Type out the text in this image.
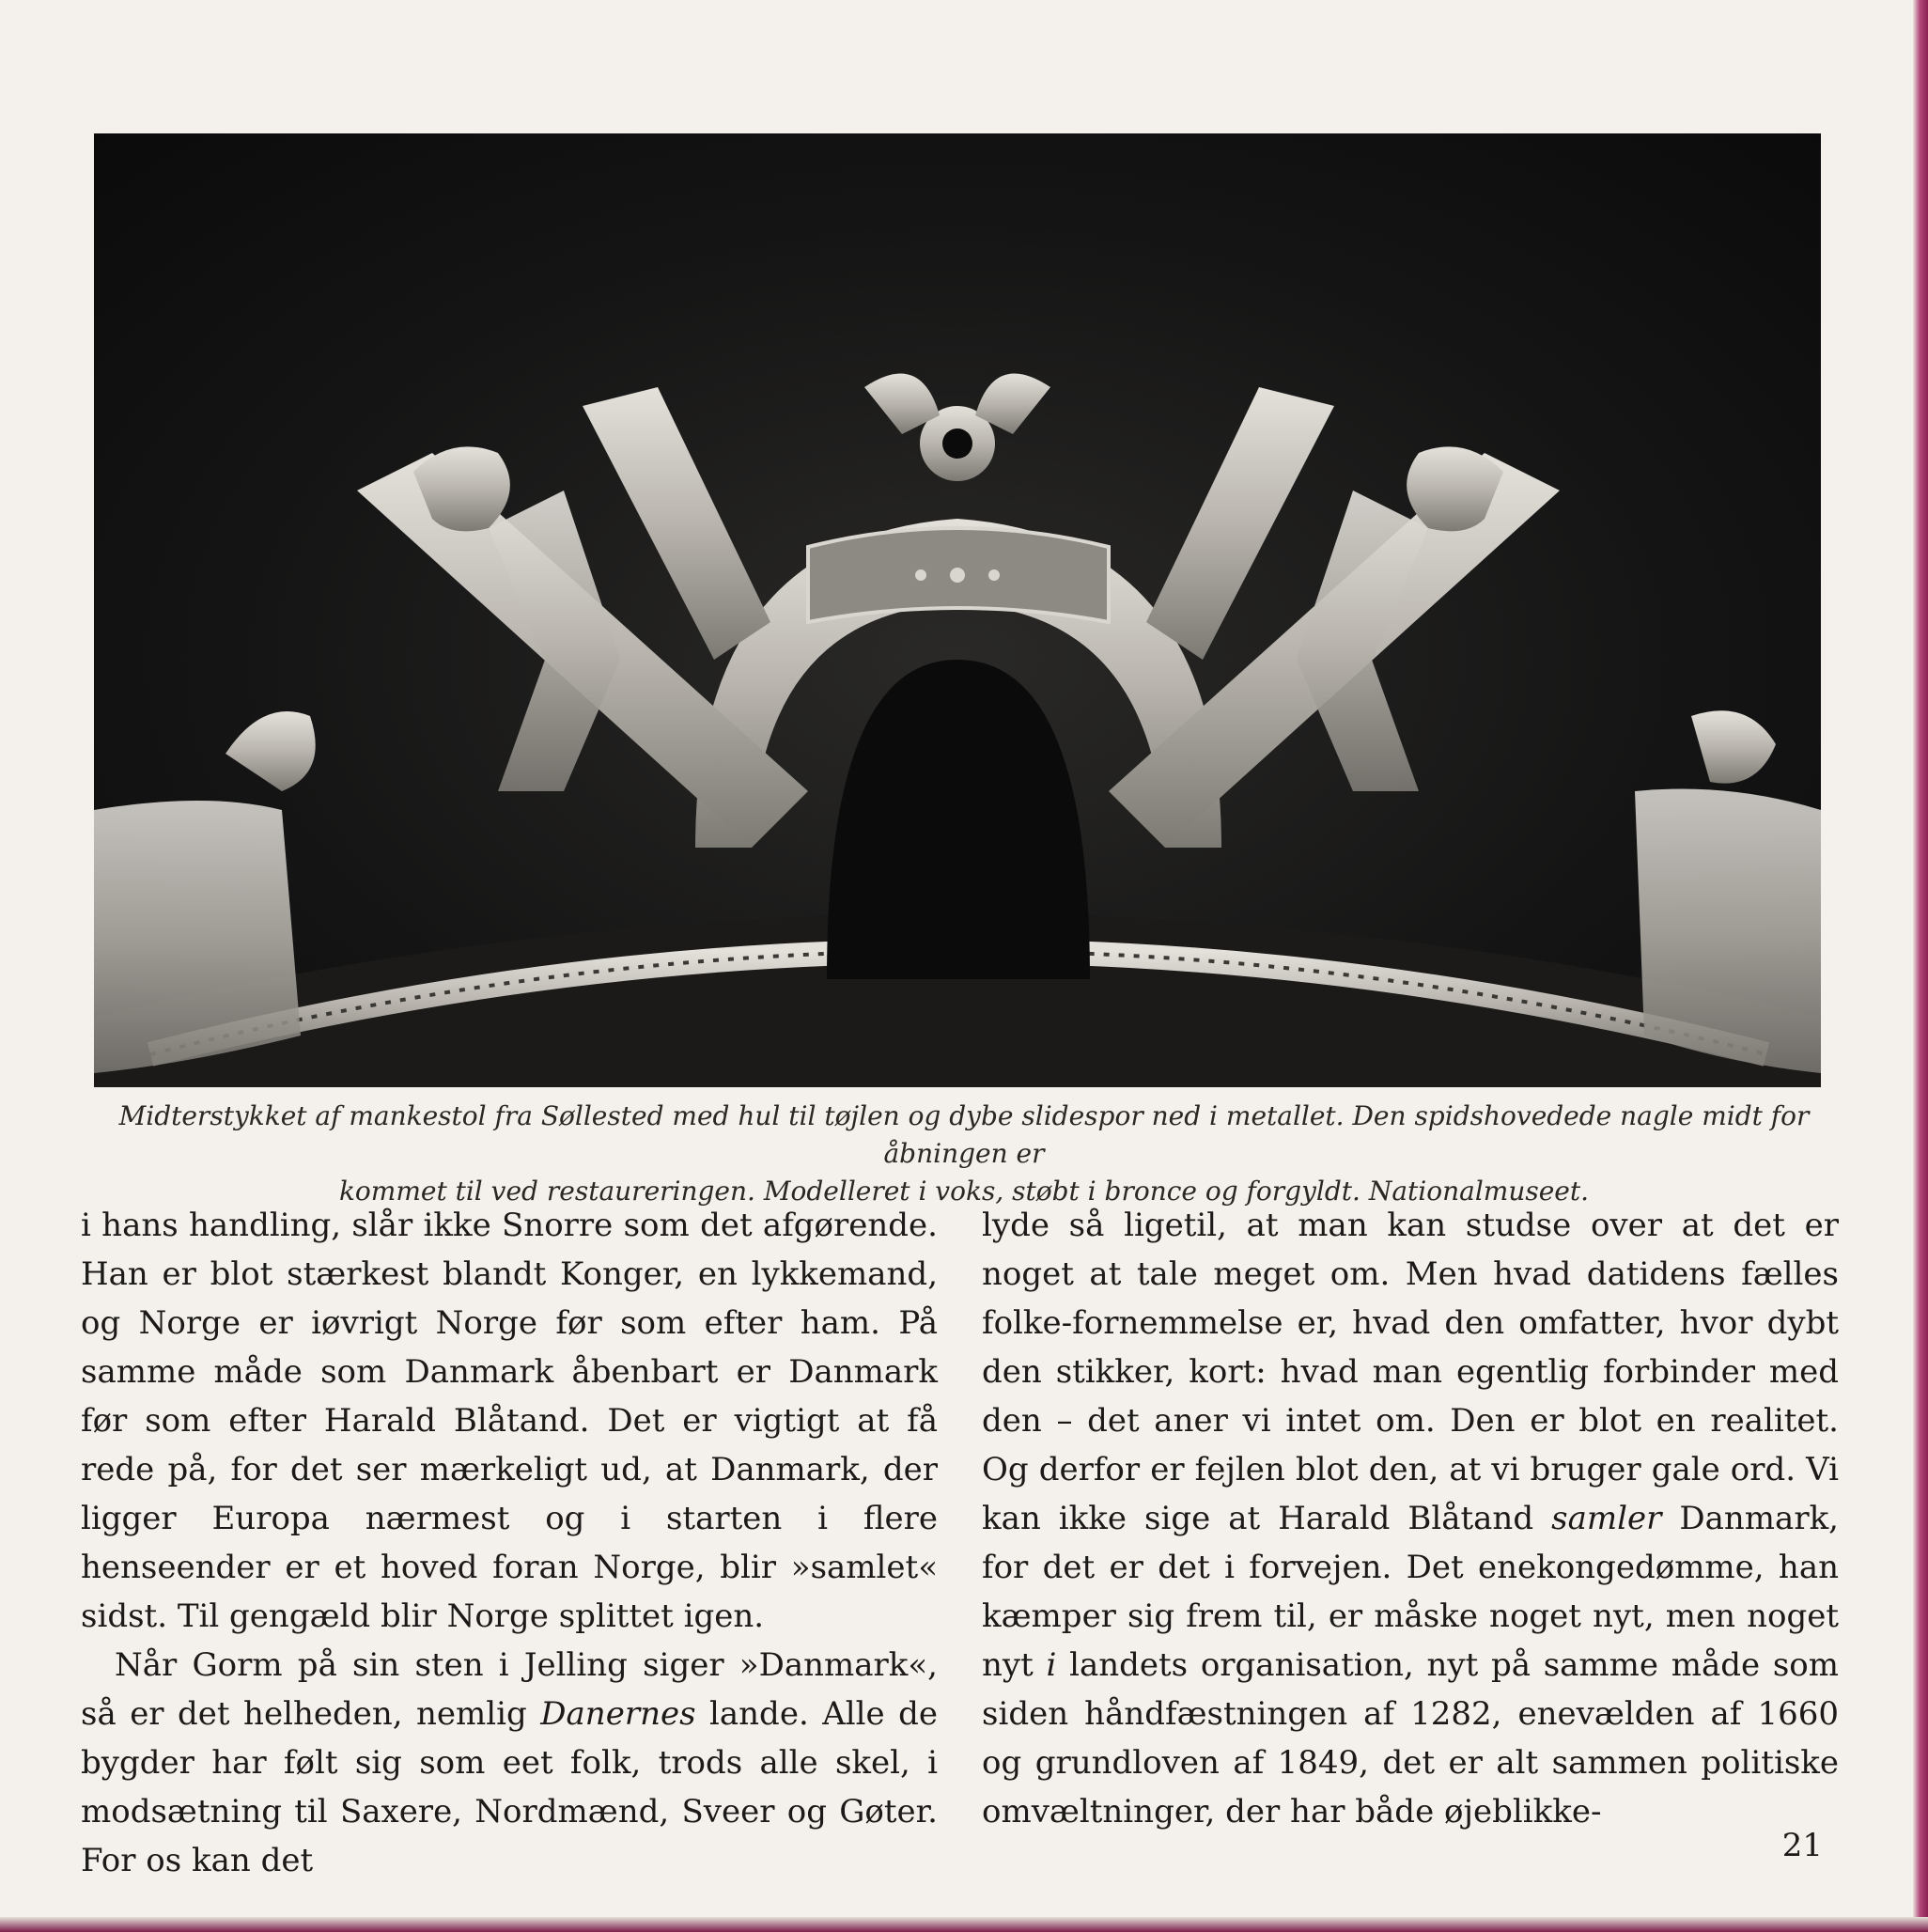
Midterstykket af mankestol fra Søllested med hul til tøjlen og dybe slidespor ned i metallet. Den spidshovedede nagle midt for åbningen er

kommet til ved restaureringen. Modelleret i voks, støbt i bronce og forgyldt. Nationalmuseet.

i hans handling, slår ikke Snorre som det afgørende. Han er blot stærkest blandt Konger, en lykkemand, og Norge er iøvrigt Norge før som efter ham. På samme måde som Danmark åbenbart er Danmark før som efter Harald Blåtand. Det er vigtigt at få rede på, for det ser mærkeligt ud, at Danmark, der ligger Europa nærmest og i starten i flere henseender er et hoved foran Norge, blir »samlet« sidst. Til gengæld blir Norge splittet igen.

Når Gorm på sin sten i Jelling siger »Danmark«, så er det helheden, nemlig Danernes lande. Alle de bygder har følt sig som eet folk, trods alle skel, i modsætning til Saxere, Nordmænd, Sveer og Gøter. For os kan det

lyde så ligetil, at man kan studse over at det er noget at tale meget om. Men hvad datidens fælles folke-fornemmelse er, hvad den omfatter, hvor dybt den stikker, kort: hvad man egentlig forbinder med den – det aner vi intet om. Den er blot en realitet. Og derfor er fejlen blot den, at vi bruger gale ord. Vi kan ikke sige at Harald Blåtand samler Danmark, for det er det i forvejen. Det enekongedømme, han kæmper sig frem til, er måske noget nyt, men noget nyt i landets organisation, nyt på samme måde som siden håndfæstningen af 1282, enevælden af 1660 og grundloven af 1849, det er alt sammen politiske omvæltninger, der har både øjeblikke-

21
